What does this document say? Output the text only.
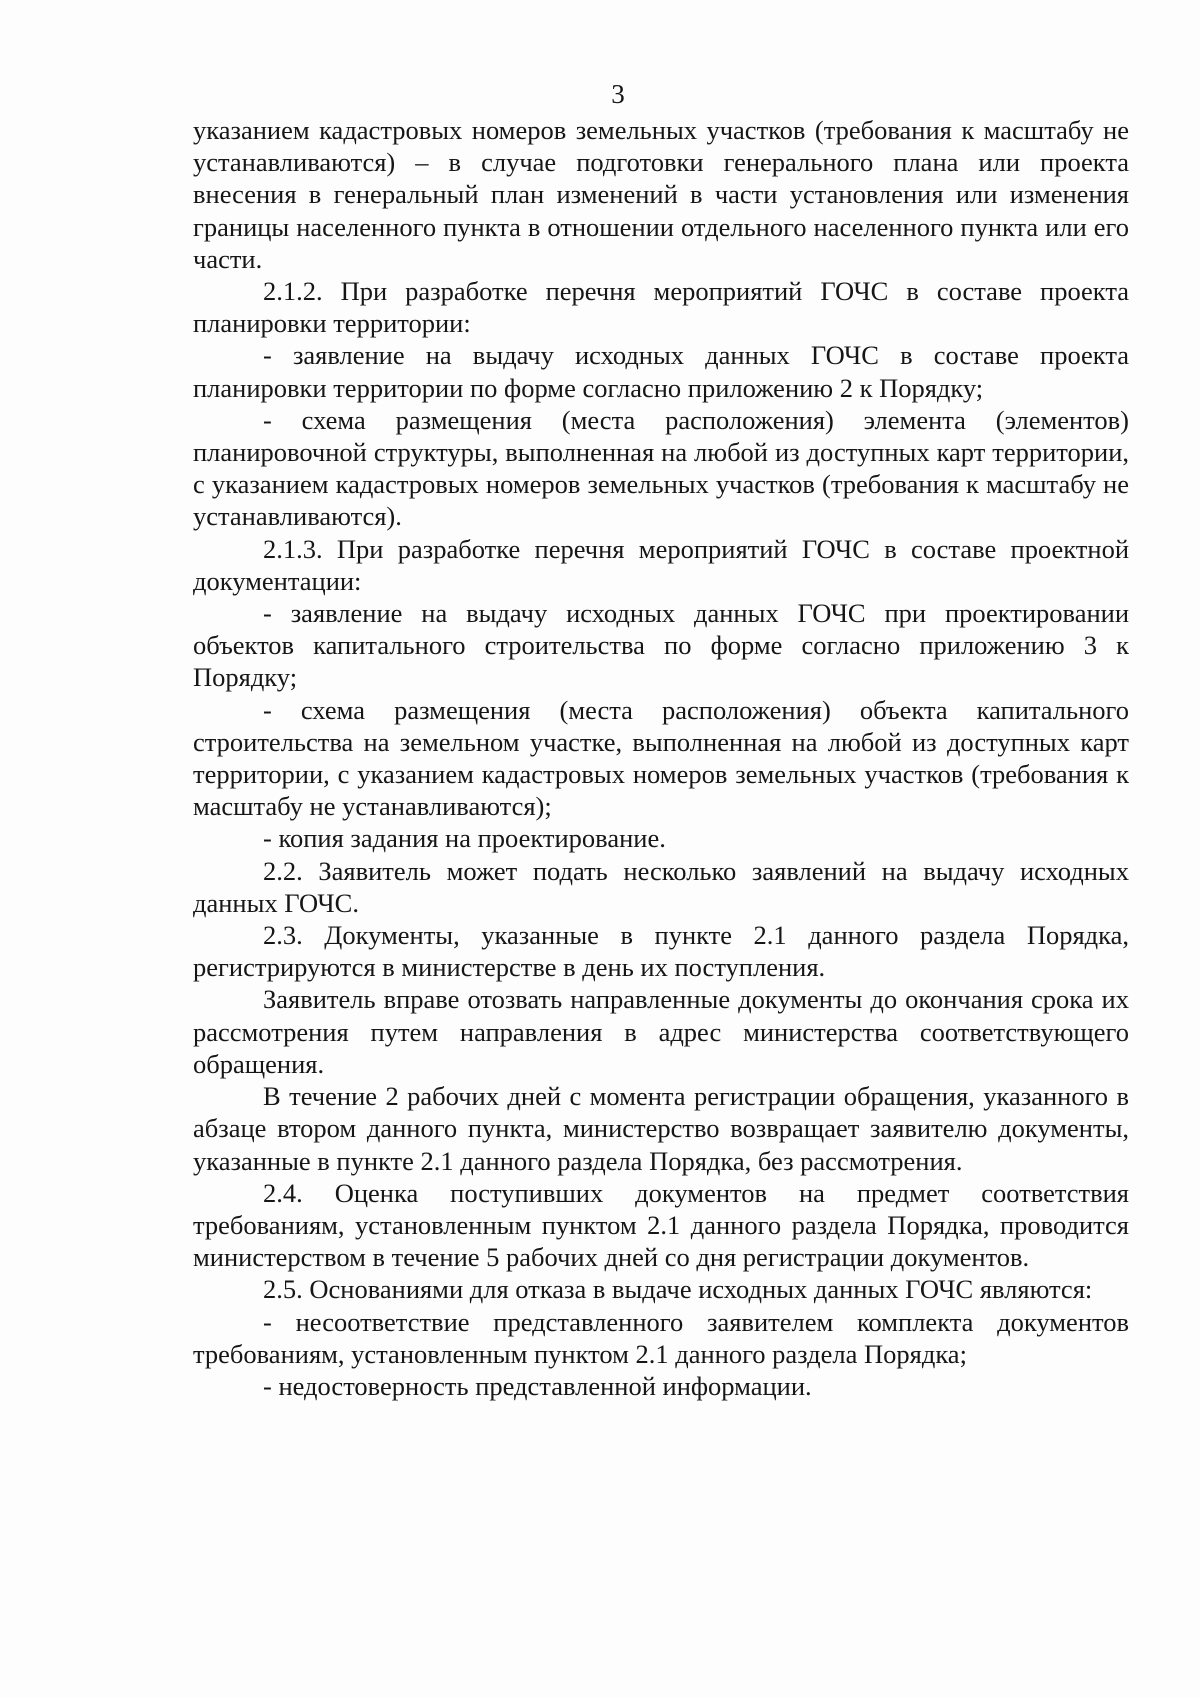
3

указанием кадастровых номеров земельных участков (требования к масштабу не устанавливаются) – в случае подготовки генерального плана или проекта внесения в генеральный план изменений в части установления или изменения границы населенного пункта в отношении отдельного населенного пункта или его части.

2.1.2. При разработке перечня мероприятий ГОЧС в составе проекта планировки территории:

- заявление на выдачу исходных данных ГОЧС в составе проекта планировки территории по форме согласно приложению 2 к Порядку;

- схема размещения (места расположения) элемента (элементов) планировочной структуры, выполненная на любой из доступных карт территории, с указанием кадастровых номеров земельных участков (требования к масштабу не устанавливаются).

2.1.3. При разработке перечня мероприятий ГОЧС в составе проектной документации:

- заявление на выдачу исходных данных ГОЧС при проектировании объектов капитального строительства по форме согласно приложению 3 к Порядку;

- схема размещения (места расположения) объекта капитального строительства на земельном участке, выполненная на любой из доступных карт территории, с указанием кадастровых номеров земельных участков (требования к масштабу не устанавливаются);

- копия задания на проектирование.

2.2. Заявитель может подать несколько заявлений на выдачу исходных данных ГОЧС.

2.3. Документы, указанные в пункте 2.1 данного раздела Порядка, регистрируются в министерстве в день их поступления.

Заявитель вправе отозвать направленные документы до окончания срока их рассмотрения путем направления в адрес министерства соответствующего обращения.

В течение 2 рабочих дней с момента регистрации обращения, указанного в абзаце втором данного пункта, министерство возвращает заявителю документы, указанные в пункте 2.1 данного раздела Порядка, без рассмотрения.

2.4. Оценка поступивших документов на предмет соответствия требованиям, установленным пунктом 2.1 данного раздела Порядка, проводится министерством в течение 5 рабочих дней со дня регистрации документов.

2.5. Основаниями для отказа в выдаче исходных данных ГОЧС являются:

- несоответствие представленного заявителем комплекта документов требованиям, установленным пунктом 2.1 данного раздела Порядка;

- недостоверность представленной информации.
